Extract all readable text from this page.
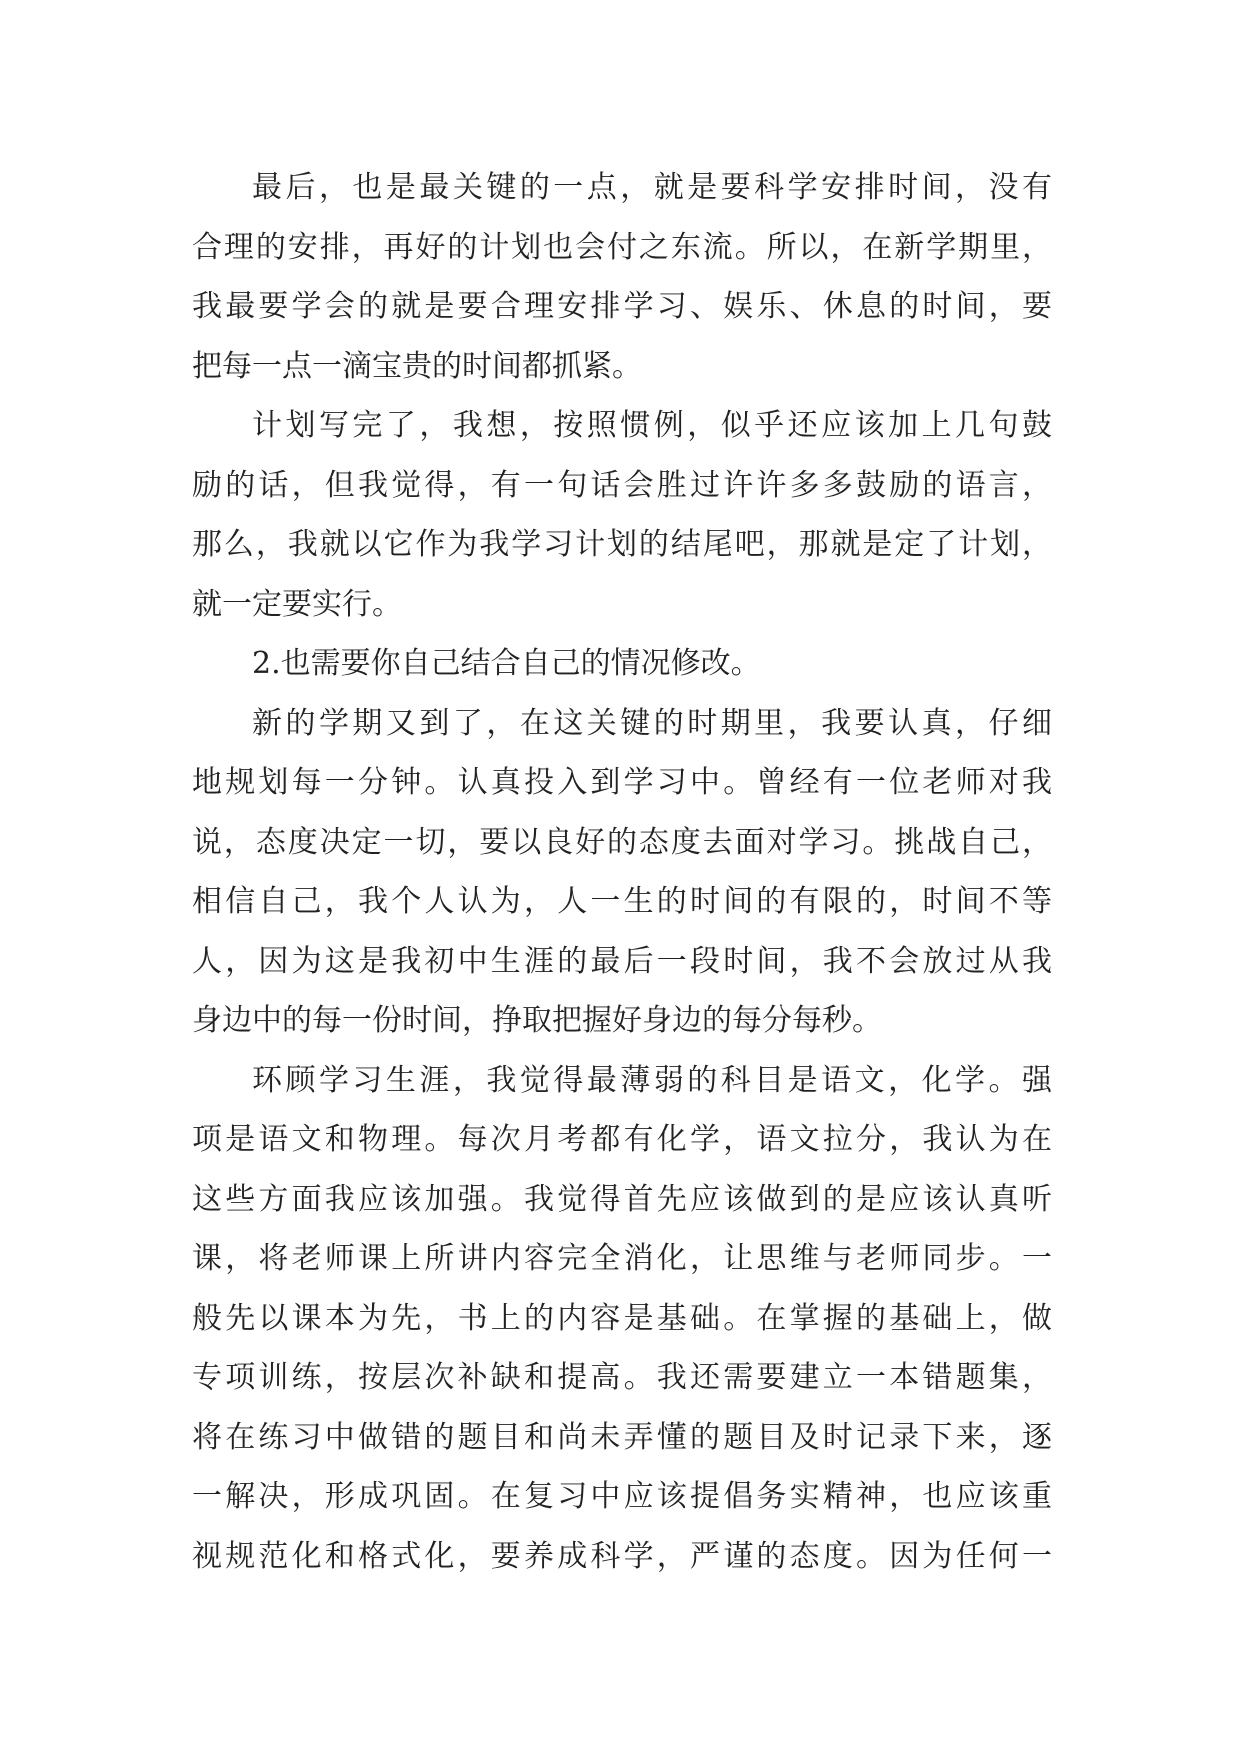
最后，也是最关键的一点，就是要科学安排时间，没有
合理的安排，再好的计划也会付之东流。所以，在新学期里，
我最要学会的就是要合理安排学习、娱乐、休息的时间，要
把每一点一滴宝贵的时间都抓紧。
计划写完了，我想，按照惯例，似乎还应该加上几句鼓
励的话，但我觉得，有一句话会胜过许许多多鼓励的语言，
那么，我就以它作为我学习计划的结尾吧，那就是定了计划，
就一定要实行。
2.也需要你自己结合自己的情况修改。
新的学期又到了，在这关键的时期里，我要认真，仔细
地规划每一分钟。认真投入到学习中。曾经有一位老师对我
说，态度决定一切，要以良好的态度去面对学习。挑战自己，
相信自己，我个人认为，人一生的时间的有限的，时间不等
人，因为这是我初中生涯的最后一段时间，我不会放过从我
身边中的每一份时间，挣取把握好身边的每分每秒。
环顾学习生涯，我觉得最薄弱的科目是语文，化学。强
项是语文和物理。每次月考都有化学，语文拉分，我认为在
这些方面我应该加强。我觉得首先应该做到的是应该认真听
课，将老师课上所讲内容完全消化，让思维与老师同步。一
般先以课本为先，书上的内容是基础。在掌握的基础上，做
专项训练，按层次补缺和提高。我还需要建立一本错题集，
将在练习中做错的题目和尚未弄懂的题目及时记录下来，逐
一解决，形成巩固。在复习中应该提倡务实精神，也应该重
视规范化和格式化，要养成科学，严谨的态度。因为任何一
